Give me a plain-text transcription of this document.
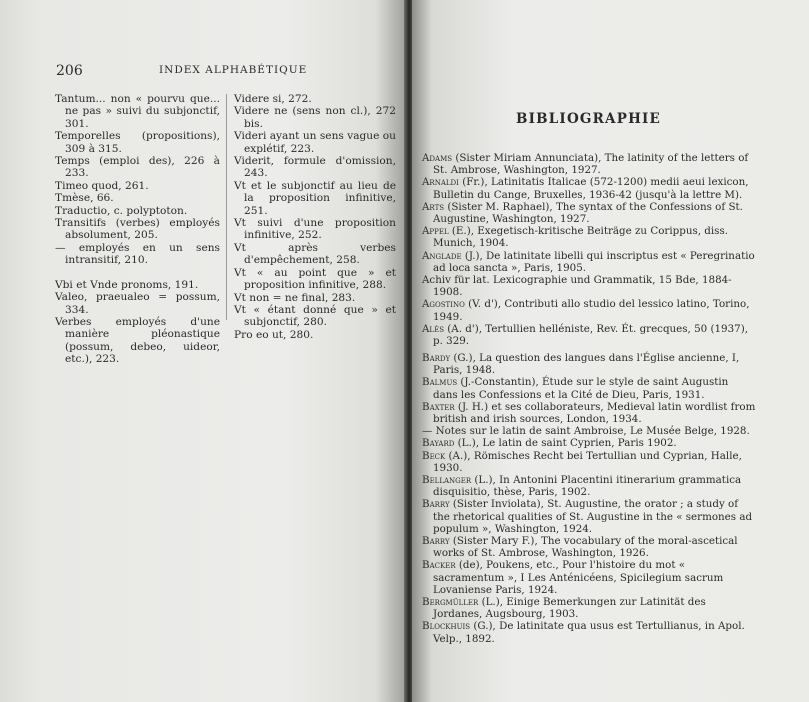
206	INDEX ALPHABÉTIQUE
Tantum... non « pourvu que... ne pas » suivi du subjonctif, 301.
Temporelles (propositions), 309 à 315.
Temps (emploi des), 226 à 233.
Timeo quod, 261.
Tmèse, 66.
Traductio, c. polyptoton.
Transitifs (verbes) employés absolument, 205.
— employés en un sens intransitif, 210.
Vbi et Vnde pronoms, 191.
Valeo, praeualeo = possum, 334.
Verbes employés d'une manière pléonastique (possum, debeo, uideor, etc.), 223.
Videre si, 272.
Videre ne (sens non cl.), 272 bis.
Videri ayant un sens vague ou explétif, 223.
Viderit, formule d'omission, 243.
Vt et le subjonctif au lieu de la proposition infinitive, 251.
Vt suivi d'une proposition infinitive, 252.
Vt après verbes d'empêchement, 258.
Vt « au point que » et proposition infinitive, 288.
Vt non = ne final, 283.
Vt « étant donné que » et subjonctif, 280.
Pro eo ut, 280.
BIBLIOGRAPHIE
Adams (Sister Miriam Annunciata), The latinity of the letters of St. Ambrose, Washington, 1927.
Arnaldi (Fr.), Latinitatis Italicae (572-1200) medii aeui lexicon, Bulletin du Cange, Bruxelles, 1936-42 (jusqu'à la lettre M).
Arts (Sister M. Raphael), The syntax of the Confessions of St. Augustine, Washington, 1927.
Appel (E.), Exegetisch-kritische Beiträge zu Corippus, diss. Munich, 1904.
Anglade (J.), De latinitate libelli qui inscriptus est « Peregrinatio ad loca sancta », Paris, 1905.
Achiv für lat. Lexicographie und Grammatik, 15 Bde, 1884-1908.
Agostino (V. d'), Contributi allo studio del lessico latino, Torino, 1949.
Alès (A. d'), Tertullien helléniste, Rev. Ét. grecques, 50 (1937), p. 329.
Bardy (G.), La question des langues dans l'Église ancienne, I, Paris, 1948.
Balmus (J.-Constantin), Étude sur le style de saint Augustin dans les Confessions et la Cité de Dieu, Paris, 1931.
Baxter (J. H.) et ses collaborateurs, Medieval latin wordlist from british and irish sources, London, 1934.
— Notes sur le latin de saint Ambroise, Le Musée Belge, 1928.
Bayard (L.), Le latin de saint Cyprien, Paris 1902.
Beck (A.), Römisches Recht bei Tertullian und Cyprian, Halle, 1930.
Bellanger (L.), In Antonini Placentini itinerarium grammatica disquisitio, thèse, Paris, 1902.
Barry (Sister Inviolata), St. Augustine, the orator ; a study of the rhetorical qualities of St. Augustine in the « sermones ad populum », Washington, 1924.
Barry (Sister Mary F.), The vocabulary of the moral-ascetical works of St. Ambrose, Washington, 1926.
Backer (de), Poukens, etc., Pour l'histoire du mot « sacramentum », I Les Anténicéens, Spicilegium sacrum Lovaniense Paris, 1924.
Bergmüller (L.), Einige Bemerkungen zur Latinität des Jordanes, Augsbourg, 1903.
Blockhuis (G.), De latinitate qua usus est Tertullianus, in Apol. Velp., 1892.
